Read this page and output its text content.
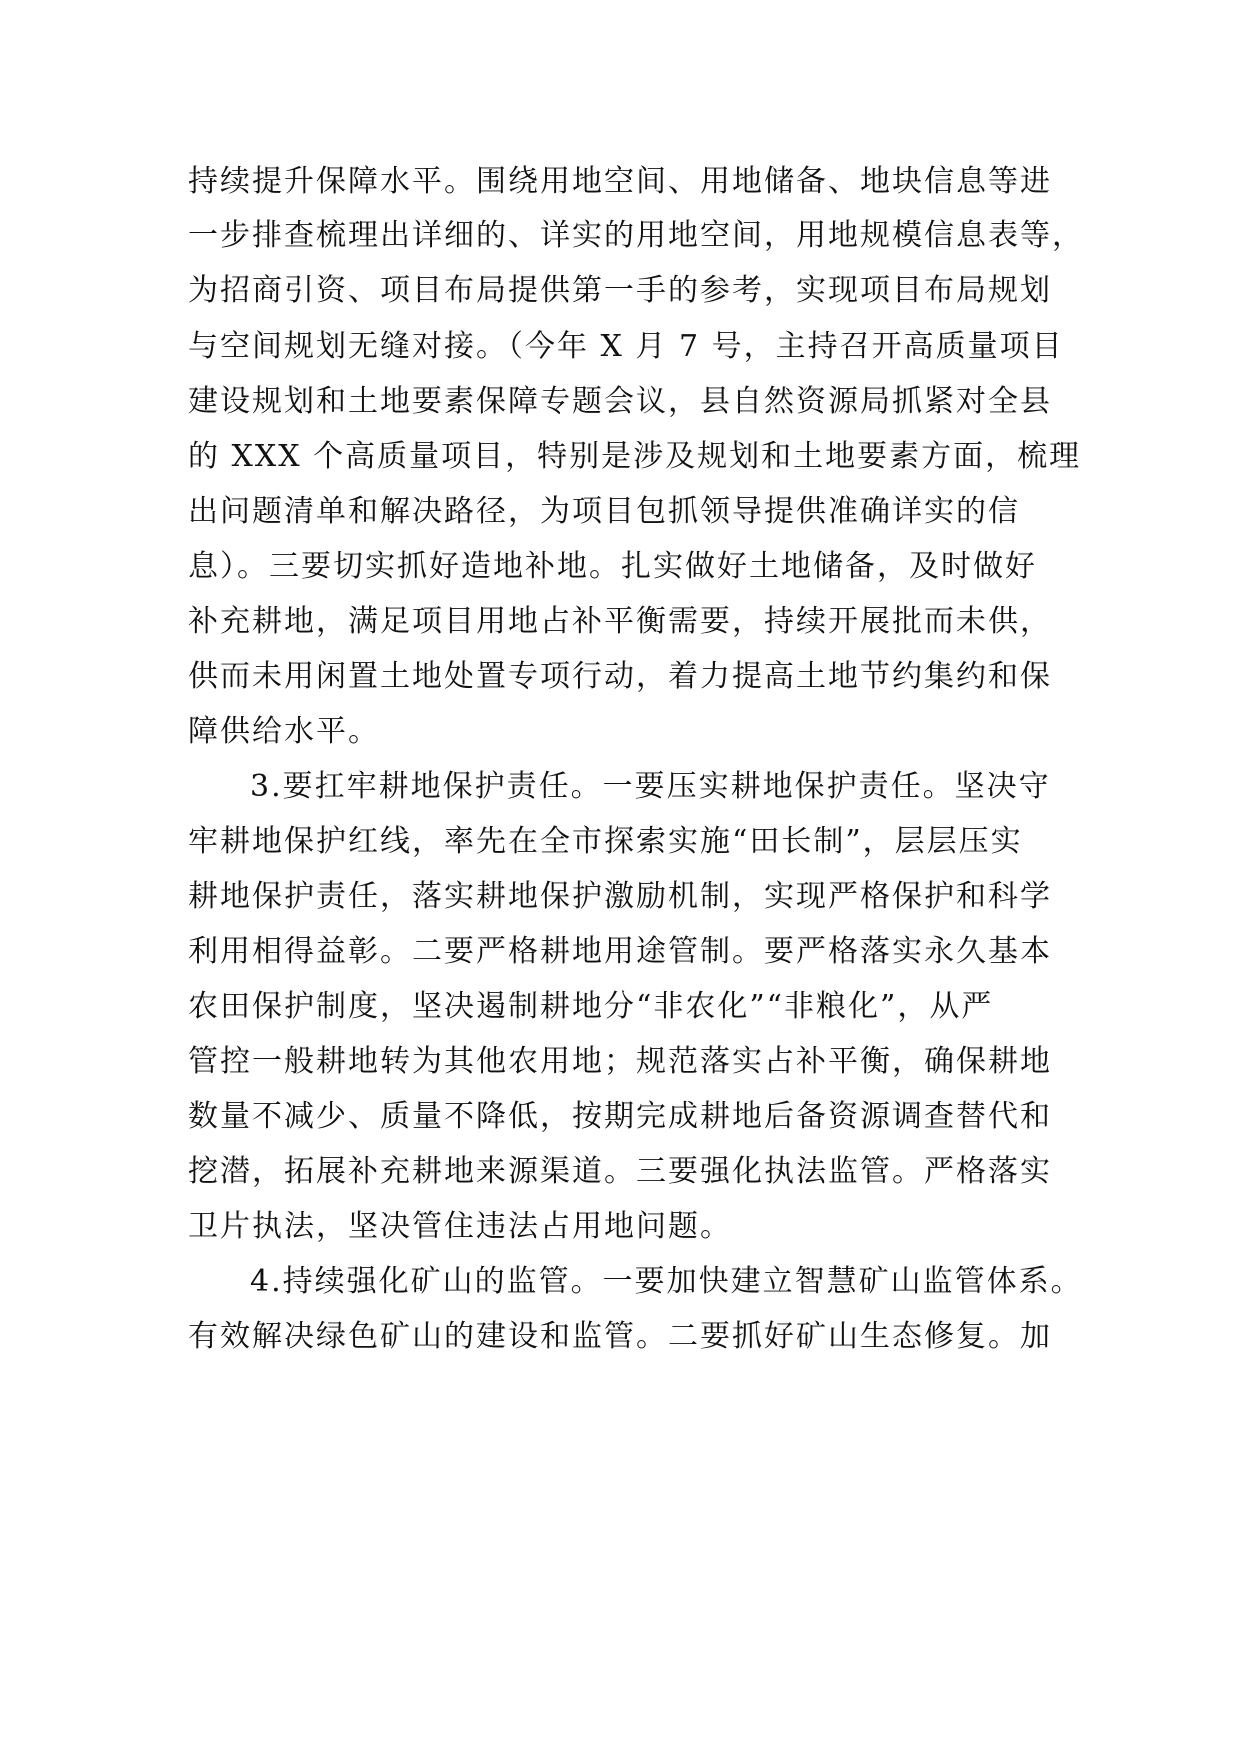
持续提升保障水平。围绕用地空间、用地储备、地块信息等进
一步排查梳理出详细的、详实的用地空间，用地规模信息表等，
为招商引资、项目布局提供第一手的参考，实现项目布局规划
与空间规划无缝对接。（今年 X 月 7 号，主持召开高质量项目
建设规划和土地要素保障专题会议，县自然资源局抓紧对全县
的 XXX 个高质量项目，特别是涉及规划和土地要素方面，梳理
出问题清单和解决路径，为项目包抓领导提供准确详实的信
息）。三要切实抓好造地补地。扎实做好土地储备，及时做好
补充耕地，满足项目用地占补平衡需要，持续开展批而未供，
供而未用闲置土地处置专项行动，着力提高土地节约集约和保
障供给水平。
3.要扛牢耕地保护责任。一要压实耕地保护责任。坚决守
牢耕地保护红线，率先在全市探索实施“田长制”，层层压实
耕地保护责任，落实耕地保护激励机制，实现严格保护和科学
利用相得益彰。二要严格耕地用途管制。要严格落实永久基本
农田保护制度，坚决遏制耕地分“非农化”“非粮化”，从严
管控一般耕地转为其他农用地；规范落实占补平衡，确保耕地
数量不减少、质量不降低，按期完成耕地后备资源调查替代和
挖潜，拓展补充耕地来源渠道。三要强化执法监管。严格落实
卫片执法，坚决管住违法占用地问题。
4.持续强化矿山的监管。一要加快建立智慧矿山监管体系。
有效解决绿色矿山的建设和监管。二要抓好矿山生态修复。加
